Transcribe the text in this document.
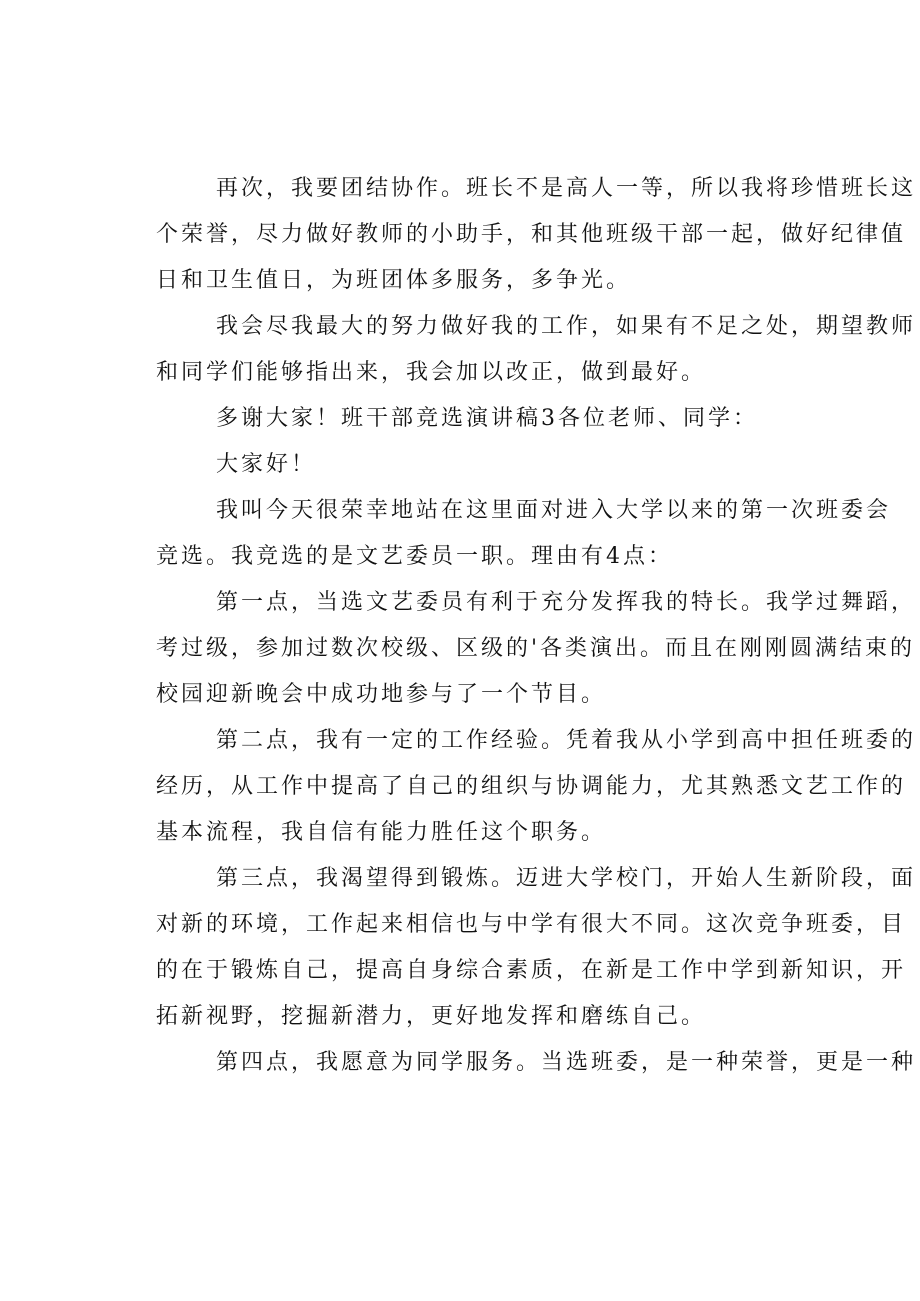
再次，我要团结协作。班长不是高人一等，所以我将珍惜班长这
个荣誉，尽力做好教师的小助手，和其他班级干部一起，做好纪律值
日和卫生值日，为班团体多服务，多争光。
我会尽我最大的努力做好我的工作，如果有不足之处，期望教师
和同学们能够指出来，我会加以改正，做到最好。
多谢大家！班干部竞选演讲稿3各位老师、同学：
大家好！
我叫今天很荣幸地站在这里面对进入大学以来的第一次班委会
竞选。我竞选的是文艺委员一职。理由有4点：
第一点，当选文艺委员有利于充分发挥我的特长。我学过舞蹈，
考过级，参加过数次校级、区级的'各类演出。而且在刚刚圆满结束的
校园迎新晚会中成功地参与了一个节目。
第二点，我有一定的工作经验。凭着我从小学到高中担任班委的
经历，从工作中提高了自己的组织与协调能力，尤其熟悉文艺工作的
基本流程，我自信有能力胜任这个职务。
第三点，我渴望得到锻炼。迈进大学校门，开始人生新阶段，面
对新的环境，工作起来相信也与中学有很大不同。这次竞争班委，目
的在于锻炼自己，提高自身综合素质，在新是工作中学到新知识，开
拓新视野，挖掘新潜力，更好地发挥和磨练自己。
第四点，我愿意为同学服务。当选班委，是一种荣誉，更是一种
